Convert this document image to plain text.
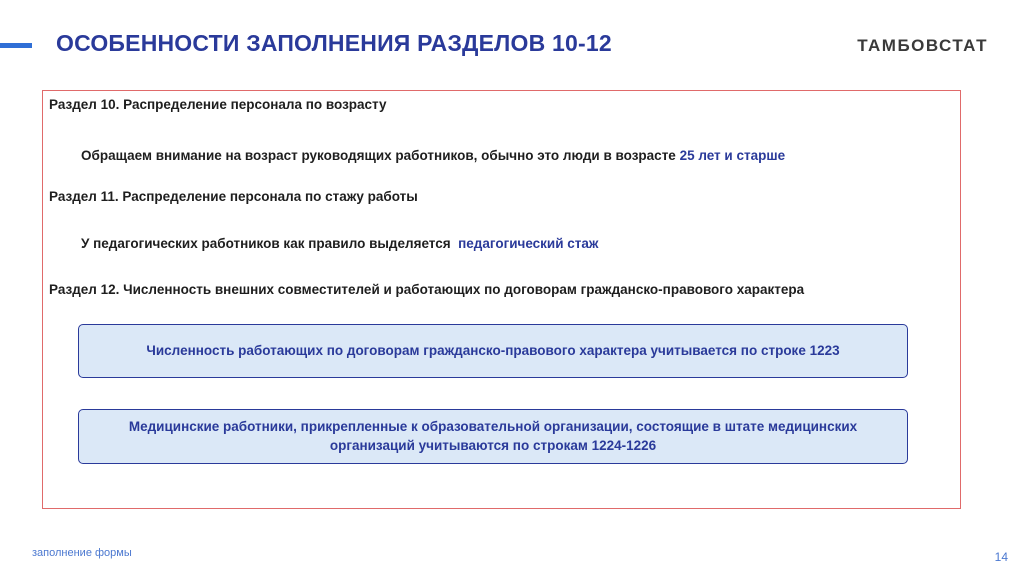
ОСОБЕННОСТИ ЗАПОЛНЕНИЯ РАЗДЕЛОВ 10-12	ТАМБОВСТАТ
Раздел 10. Распределение персонала по возрасту
Обращаем внимание на возраст руководящих работников, обычно это люди в возрасте 25 лет и старше
Раздел 11. Распределение персонала по стажу работы
У педагогических работников как правило выделяется  педагогический стаж
Раздел 12. Численность внешних совместителей и работающих по договорам гражданско-правового характера
Численность работающих по договорам гражданско-правового характера учитывается по строке 1223
Медицинские работники, прикрепленные к образовательной организации, состоящие в штате медицинских организаций учитываются по строкам 1224-1226
заполнение формы	14
